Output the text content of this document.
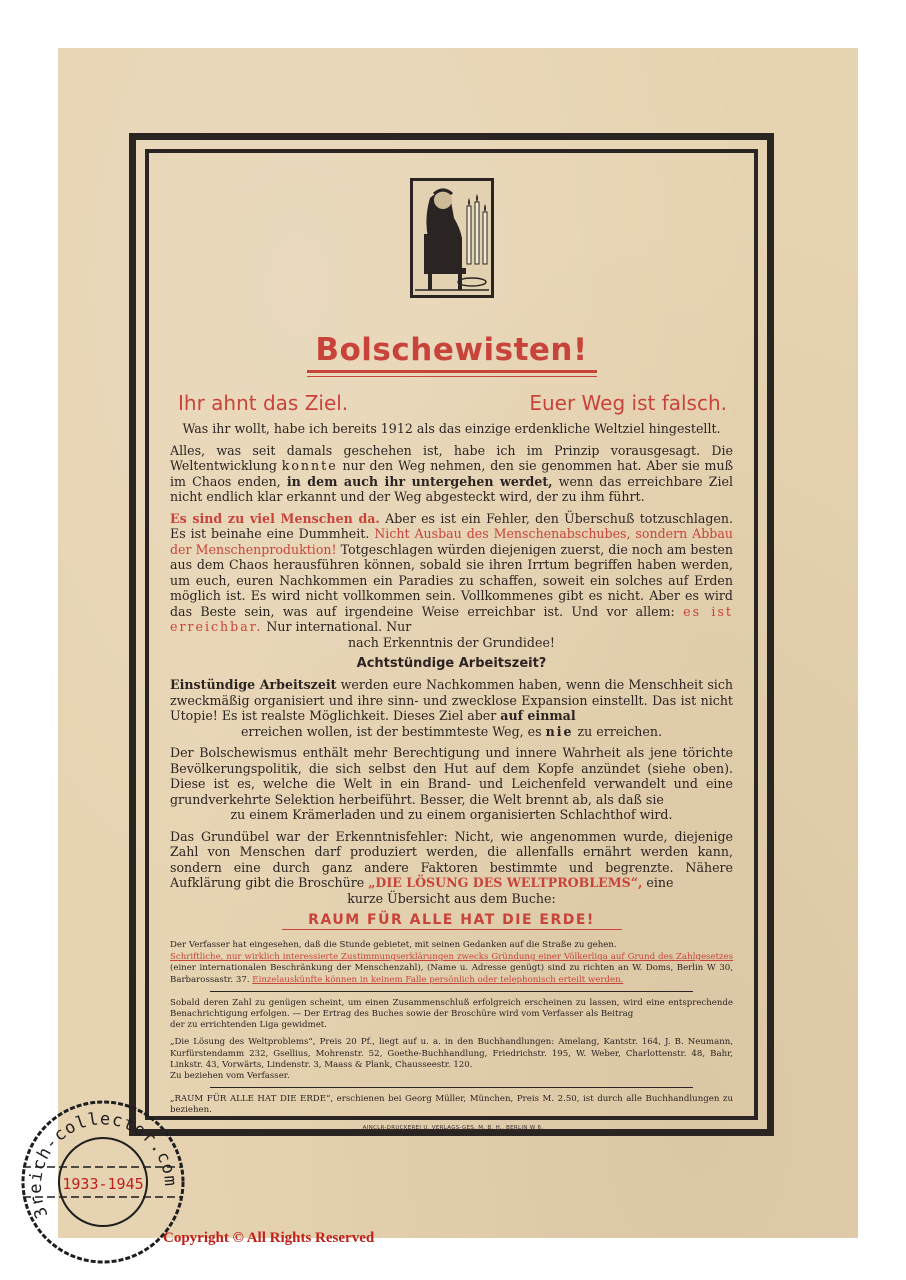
Bolschewisten!
Ihr ahnt das Ziel.	Euer Weg ist falsch.

Was ihr wollt, habe ich bereits 1912 als das einzige erdenkliche Weltziel hingestellt.

Alles, was seit damals geschehen ist, habe ich im Prinzip vorausgesagt. Die Weltentwicklung konnte nur den Weg nehmen, den sie genommen hat. Aber sie muß im Chaos enden, in dem auch ihr untergehen werdet, wenn das erreichbare Ziel nicht endlich klar erkannt und der Weg abgesteckt wird, der zu ihm führt.

Es sind zu viel Menschen da. Aber es ist ein Fehler, den Überschuß totzuschlagen. Es ist beinahe eine Dummheit. Nicht Ausbau des Menschenabschubes, sondern Abbau der Menschenproduktion! Totgeschlagen würden diejenigen zuerst, die noch am besten aus dem Chaos herausführen können, sobald sie ihren Irrtum begriffen haben werden, um euch, euren Nachkommen ein Paradies zu schaffen, soweit ein solches auf Erden möglich ist. Es wird nicht vollkommen sein. Vollkommenes gibt es nicht. Aber es wird das Beste sein, was auf irgendeine Weise erreichbar ist. Und vor allem: es ist erreichbar. Nur international. Nur

nach Erkenntnis der Grundidee!

Achtstündige Arbeitszeit?

Einstündige Arbeitszeit werden eure Nachkommen haben, wenn die Menschheit sich zweckmäßig organisiert und ihre sinn- und zwecklose Expansion einstellt. Das ist nicht Utopie! Es ist realste Möglichkeit. Dieses Ziel aber auf einmal

erreichen wollen, ist der bestimmteste Weg, es nie zu erreichen.

Der Bolschewismus enthält mehr Berechtigung und innere Wahrheit als jene törichte Bevölkerungspolitik, die sich selbst den Hut auf dem Kopfe anzündet (siehe oben). Diese ist es, welche die Welt in ein Brand- und Leichenfeld verwandelt und eine grundverkehrte Selektion herbeiführt. Besser, die Welt brennt ab, als daß sie

zu einem Krämerladen und zu einem organisierten Schlachthof wird.

Das Grundübel war der Erkenntnisfehler: Nicht, wie angenommen wurde, diejenige Zahl von Menschen darf produziert werden, die allenfalls ernährt werden kann, sondern eine durch ganz andere Faktoren bestimmte und begrenzte. Nähere Aufklärung gibt die Broschüre „DIE LÖSUNG DES WELTPROBLEMS“, eine

kurze Übersicht aus dem Buche:

RAUM FÜR ALLE HAT DIE ERDE!

Der Verfasser hat eingesehen, daß die Stunde gebietet, mit seinen Gedanken auf die Straße zu gehen.

Schriftliche, nur wirklich interessierte Zustimmungserklärungen zwecks Gründung einer Völkerliga auf Grund des Zahlgesetzes (einer internationalen Beschränkung der Menschenzahl), (Name u. Adresse genügt) sind zu richten an W. Doms, Berlin W 30, Barbarossastr. 37. Einzelauskünfte können in keinem Falle persönlich oder telephonisch erteilt werden.

Sobald deren Zahl zu genügen scheint, um einen Zusammenschluß erfolgreich erscheinen zu lassen, wird eine entsprechende Benachrichtigung erfolgen. — Der Ertrag des Buches sowie der Broschüre wird vom Verfasser als Beitrag

der zu errichtenden Liga gewidmet.

„Die Lösung des Weltproblems“, Preis 20 Pf., liegt auf u. a. in den Buchhandlungen: Amelang, Kantstr. 164, J. B. Neumann, Kurfürstendamm 232, Gsellius, Mohrenstr. 52, Goethe-Buchhandlung, Friedrichstr. 195, W. Weber, Charlottenstr. 48, Bahr, Linkstr. 43, Vorwärts, Lindenstr. 3, Maass & Plank, Chausseestr. 120.

Zu beziehen vom Verfasser.

„RAUM FÜR ALLE HAT DIE ERDE“, erschienen bei Georg Müller, München, Preis M. 2.50, ist durch alle Buchhandlungen zu beziehen.

AINCLR-DRUCKEREI U. VERLAGS-GES. M. B. H., BERLIN W 6.
3reich-collector.com
1933-1945
Copyright © All Rights Reserved
